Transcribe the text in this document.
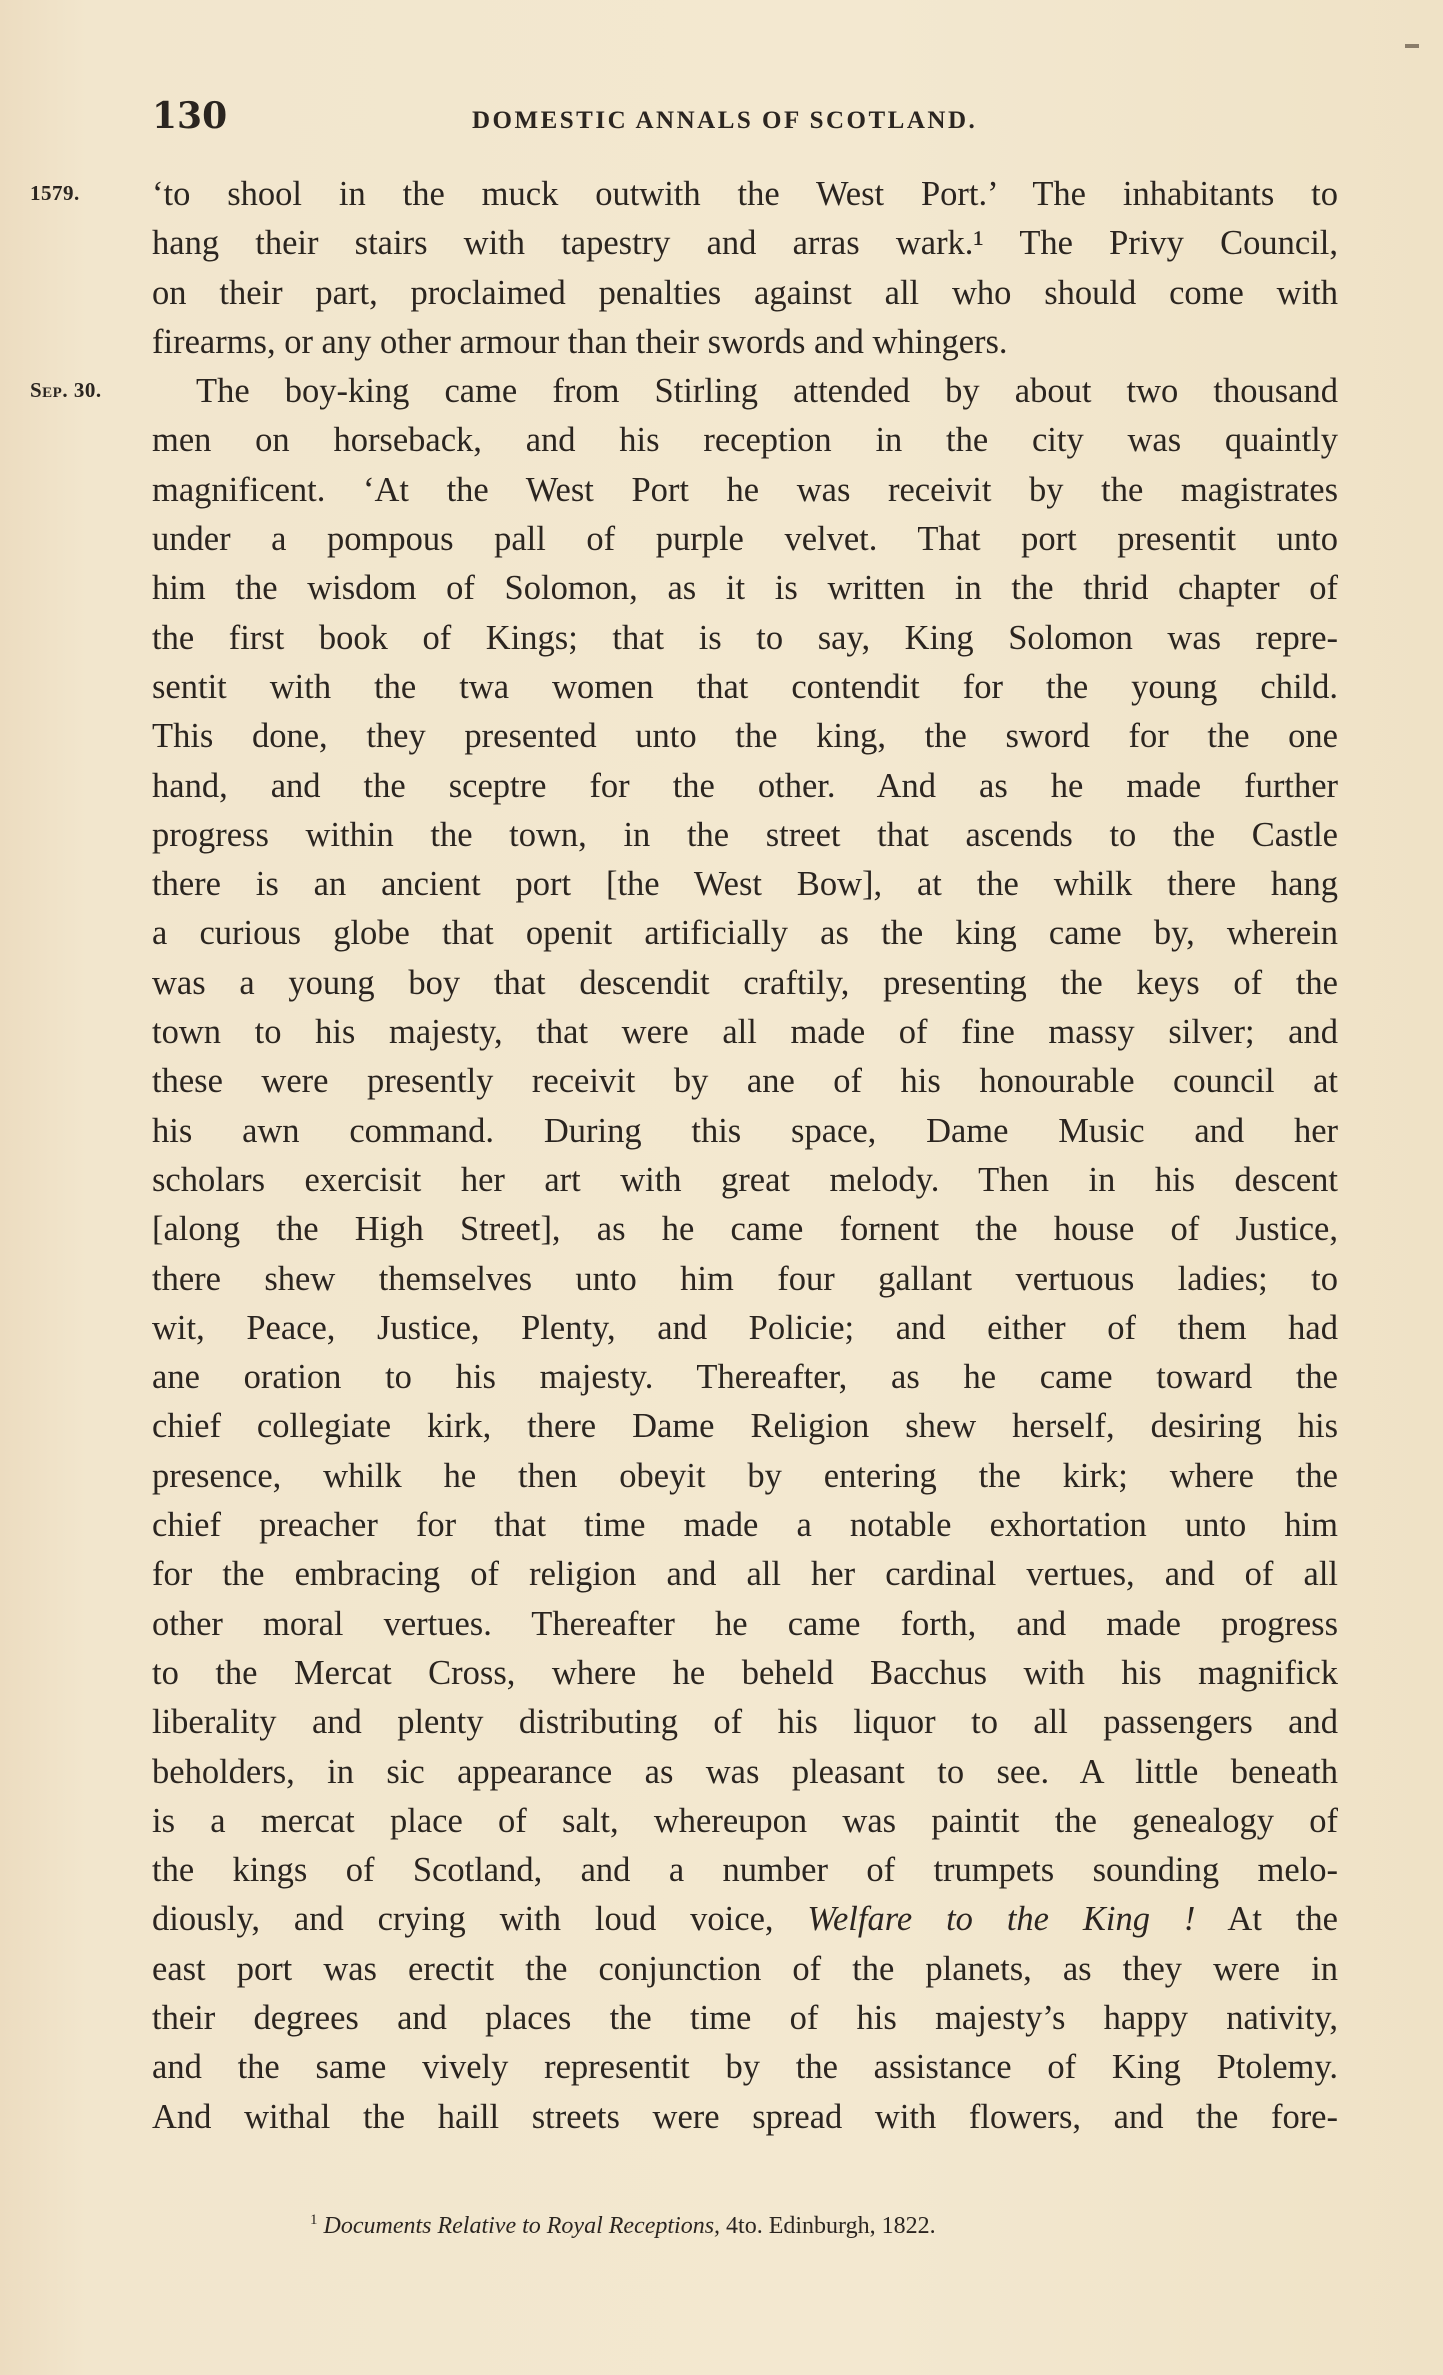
130	DOMESTIC ANNALS OF SCOTLAND.
1579.
Sep. 30.
‘to shool in the muck outwith the West Port.’ The inhabitants to
hang their stairs with tapestry and arras wark.¹ The Privy Council,
on their part, proclaimed penalties against all who should come with
firearms, or any other armour than their swords and whingers.
The boy-king came from Stirling attended by about two thousand
men on horseback, and his reception in the city was quaintly
magnificent. ‘At the West Port he was receivit by the magistrates
under a pompous pall of purple velvet. That port presentit unto
him the wisdom of Solomon, as it is written in the thrid chapter of
the first book of Kings; that is to say, King Solomon was repre-
sentit with the twa women that contendit for the young child.
This done, they presented unto the king, the sword for the one
hand, and the sceptre for the other. And as he made further
progress within the town, in the street that ascends to the Castle
there is an ancient port [the West Bow], at the whilk there hang
a curious globe that openit artificially as the king came by, wherein
was a young boy that descendit craftily, presenting the keys of the
town to his majesty, that were all made of fine massy silver; and
these were presently receivit by ane of his honourable council at
his awn command. During this space, Dame Music and her
scholars exercisit her art with great melody. Then in his descent
[along the High Street], as he came fornent the house of Justice,
there shew themselves unto him four gallant vertuous ladies; to
wit, Peace, Justice, Plenty, and Policie; and either of them had
ane oration to his majesty. Thereafter, as he came toward the
chief collegiate kirk, there Dame Religion shew herself, desiring his
presence, whilk he then obeyit by entering the kirk; where the
chief preacher for that time made a notable exhortation unto him
for the embracing of religion and all her cardinal vertues, and of all
other moral vertues. Thereafter he came forth, and made progress
to the Mercat Cross, where he beheld Bacchus with his magnifick
liberality and plenty distributing of his liquor to all passengers and
beholders, in sic appearance as was pleasant to see. A little beneath
is a mercat place of salt, whereupon was paintit the genealogy of
the kings of Scotland, and a number of trumpets sounding melo-
diously, and crying with loud voice, Welfare to the King ! At the
east port was erectit the conjunction of the planets, as they were in
their degrees and places the time of his majesty’s happy nativity,
and the same vively representit by the assistance of King Ptolemy.
And withal the haill streets were spread with flowers, and the fore-
$^1$ Documents Relative to Royal Receptions, 4to. Edinburgh, 1822.
